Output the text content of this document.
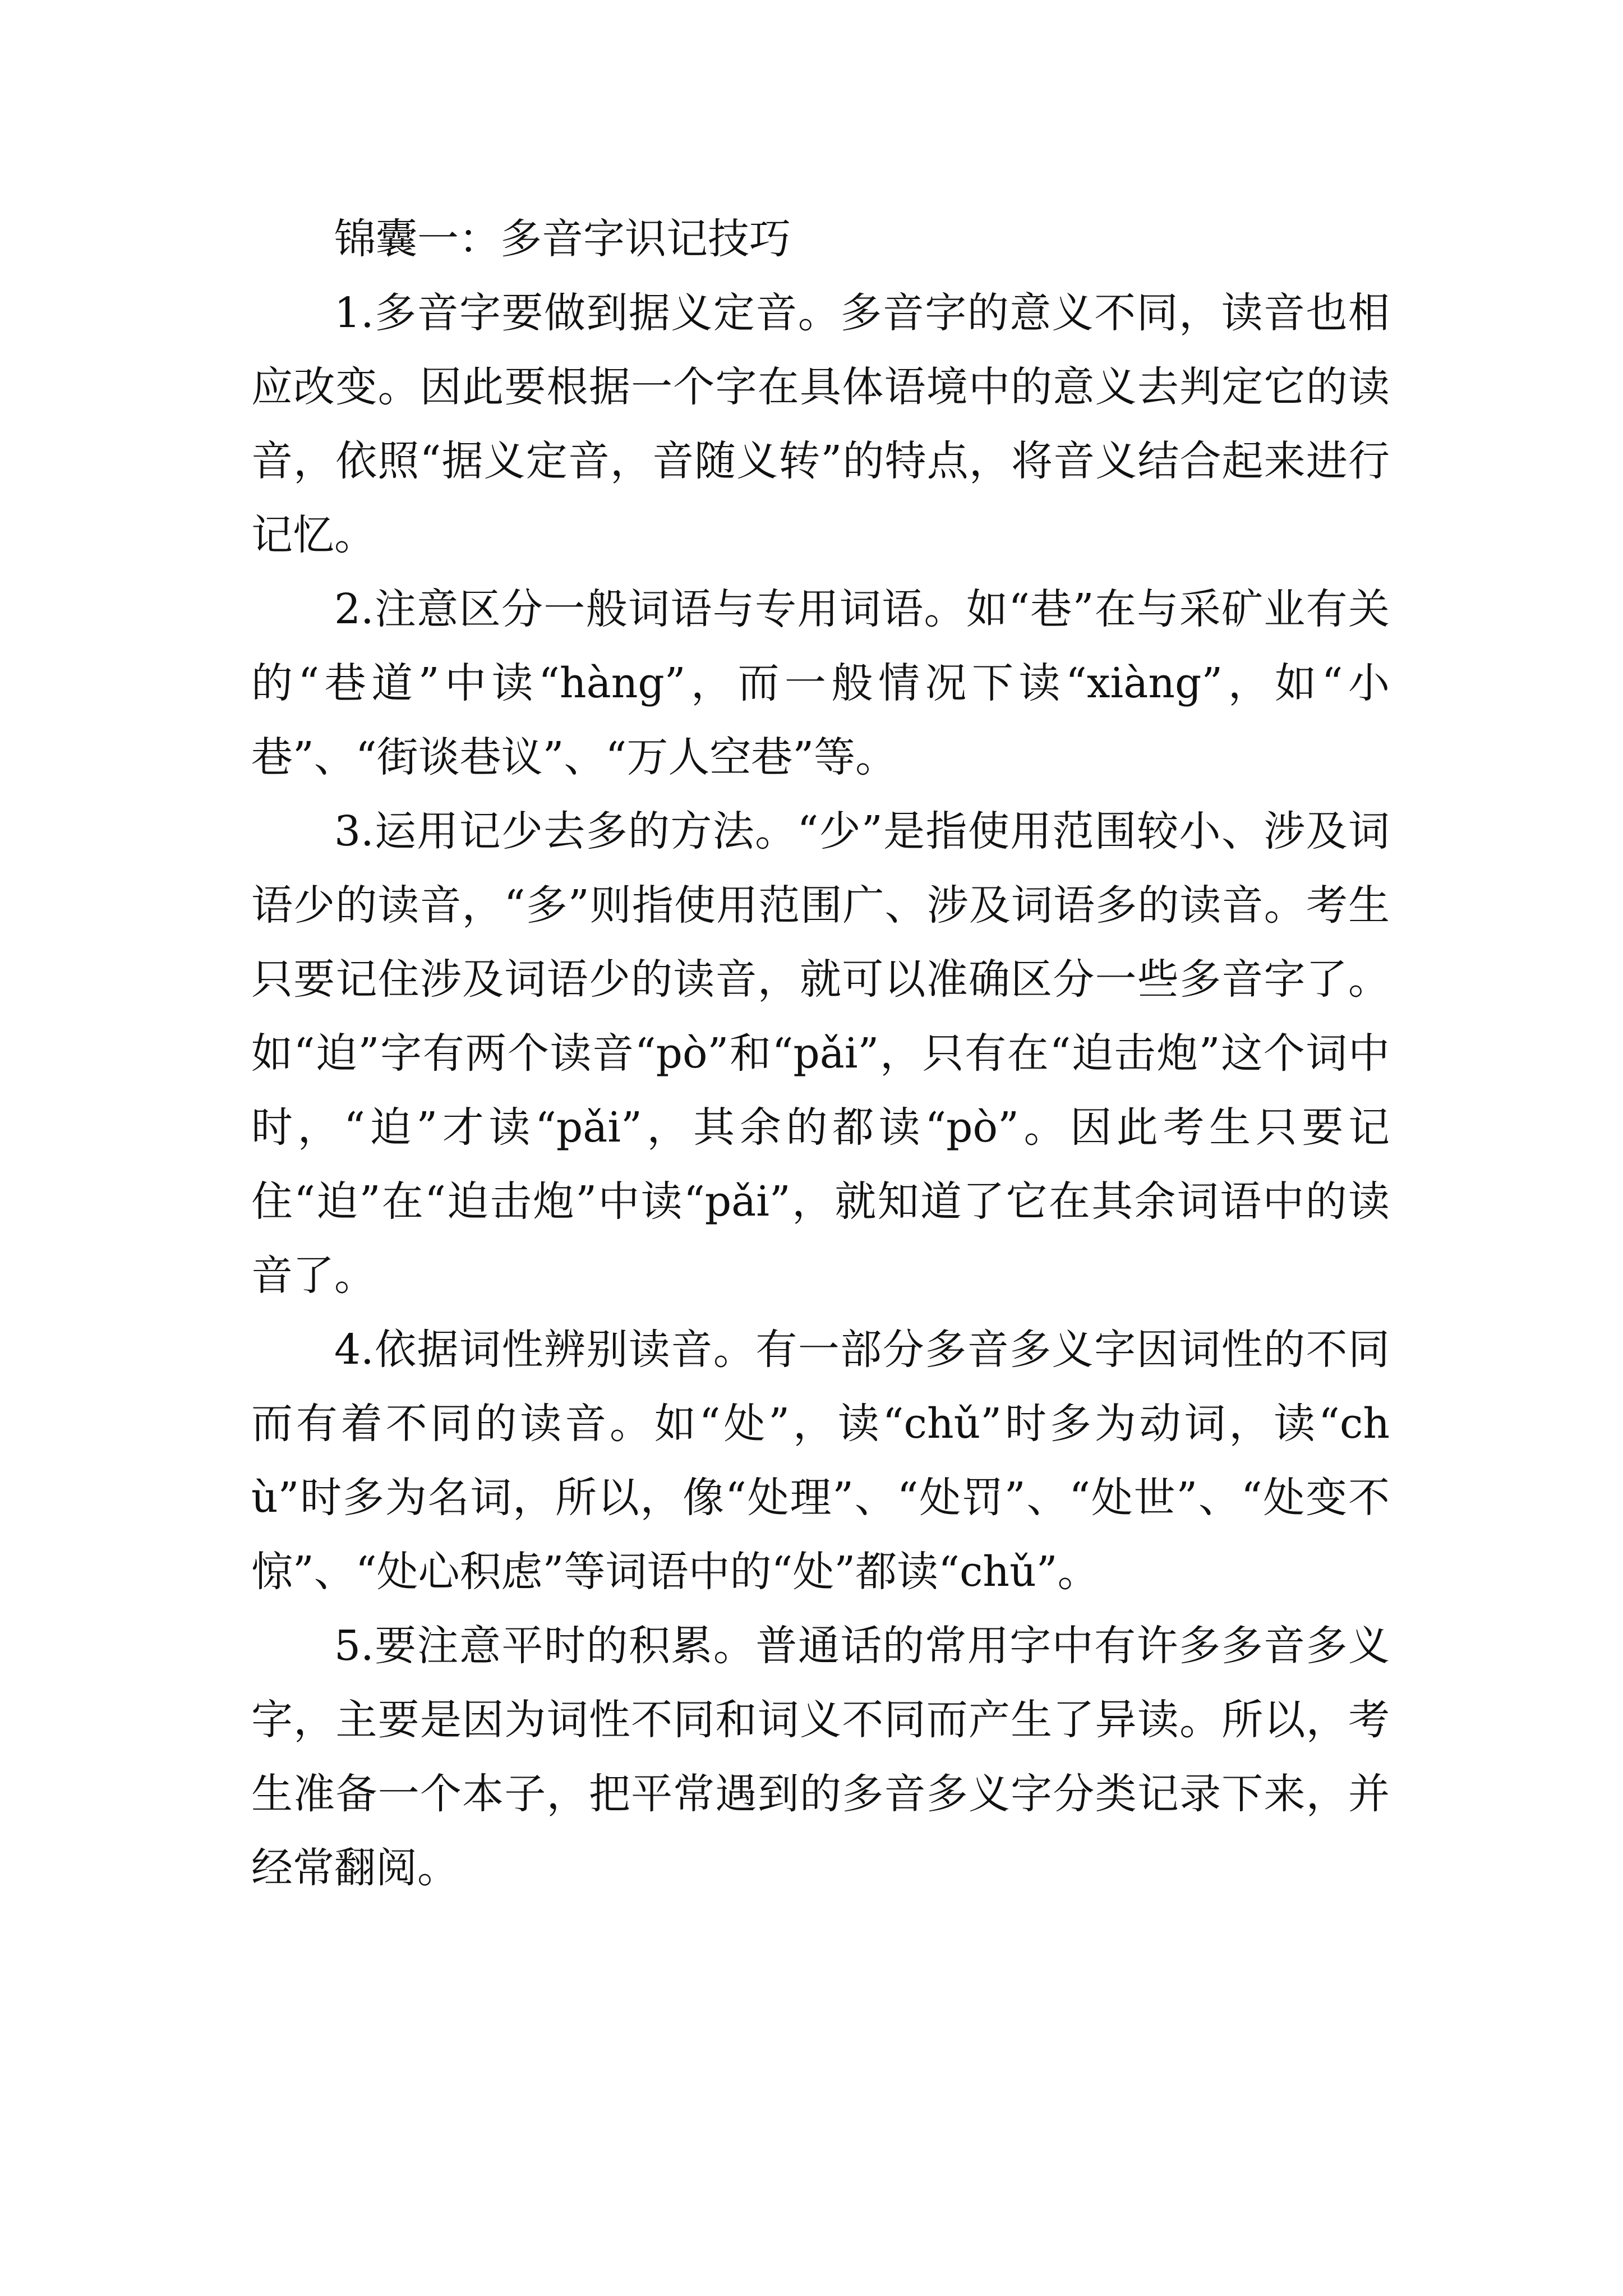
锦囊一：多音字识记技巧

1.多音字要做到据义定音。多音字的意义不同，读音也相应改变。因此要根据一个字在具体语境中的意义去判定它的读音，依照“据义定音，音随义转”的特点，将音义结合起来进行记忆。

2.注意区分一般词语与专用词语。如“巷”在与采矿业有关的“巷道”中读“hàng”，而一般情况下读“xiàng”，如“小巷”、“街谈巷议”、“万人空巷”等。

3.运用记少去多的方法。“少”是指使用范围较小、涉及词语少的读音，“多”则指使用范围广、涉及词语多的读音。考生只要记住涉及词语少的读音，就可以准确区分一些多音字了。如“迫”字有两个读音“pò”和“pǎi”，只有在“迫击炮”这个词中时，“迫”才读“pǎi”，其余的都读“pò”。因此考生只要记住“迫”在“迫击炮”中读“pǎi”，就知道了它在其余词语中的读音了。

4.依据词性辨别读音。有一部分多音多义字因词性的不同而有着不同的读音。如“处”，读“chǔ”时多为动词，读“chù”时多为名词，所以，像“处理”、“处罚”、“处世”、“处变不惊”、“处心积虑”等词语中的“处”都读“chǔ”。

5.要注意平时的积累。普通话的常用字中有许多多音多义字，主要是因为词性不同和词义不同而产生了异读。所以，考生准备一个本子，把平常遇到的多音多义字分类记录下来，并经常翻阅。
